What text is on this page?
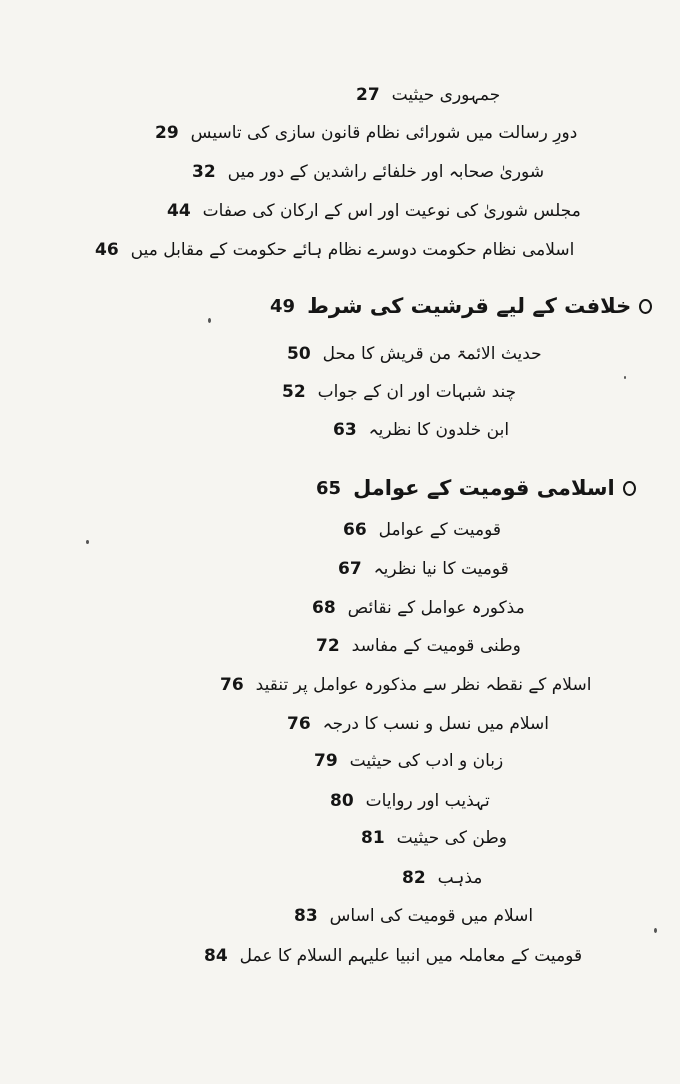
27 جمہوری حیثیت
29 دورِ رسالت میں شورائی نظام قانون سازی کی تاسیس
32 شوریٰ صحابہ اور خلفائے راشدین کے دور میں
44 مجلس شوریٰ کی نوعیت اور اس کے ارکان کی صفات
46 اسلامی نظام حکومت دوسرے نظام ہائے حکومت کے مقابل میں
49 خلافت کے لیے قرشیت کی شرط
50 حدیث الائمۃ من قریش کا محل
52 چند شبہات اور ان کے جواب
63 ابن خلدون کا نظریہ
65 اسلامی قومیت کے عوامل
66 قومیت کے عوامل
67 قومیت کا نیا نظریہ
68 مذکورہ عوامل کے نقائص
72 وطنی قومیت کے مفاسد
76 اسلام کے نقطہ نظر سے مذکورہ عوامل پر تنقید
76 اسلام میں نسل و نسب کا درجہ
79 زبان و ادب کی حیثیت
80 تہذیب اور روایات
81 وطن کی حیثیت
82 مذہب
83 اسلام میں قومیت کی اساس
84 قومیت کے معاملہ میں انبیا علیہم السلام کا عمل
